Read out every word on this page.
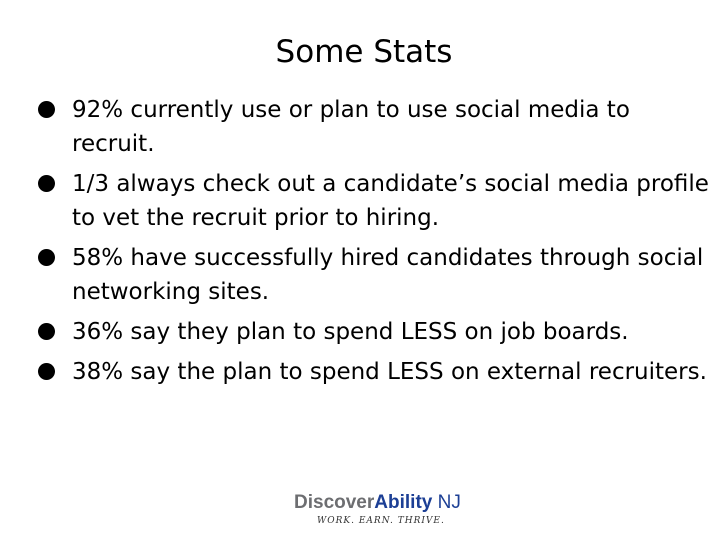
Some Stats
92% currently use or plan to use social media to recruit.
1/3 always check out a candidate’s social media profile to vet the recruit prior to hiring.
58% have successfully hired candidates through social networking sites.
36% say they plan to spend LESS on job boards.
38% say the plan to spend LESS on external recruiters.
DiscoverAbility NJ
WORK. EARN. THRIVE.
